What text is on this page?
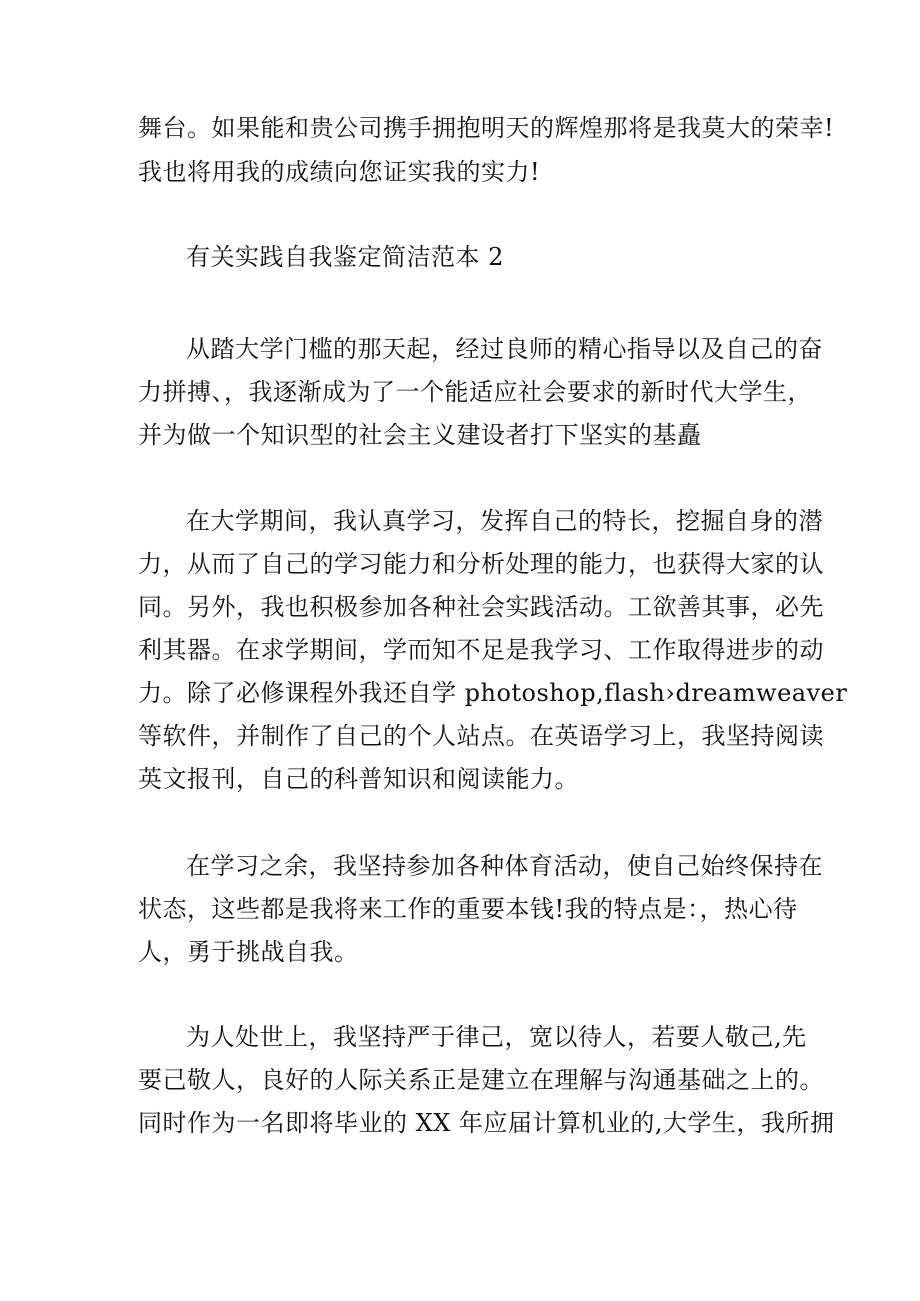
舞台。如果能和贵公司携手拥抱明天的辉煌那将是我莫大的荣幸!
我也将用我的成绩向您证实我的实力!
有关实践自我鉴定简洁范本 2
从踏大学门槛的那天起，经过良师的精心指导以及自己的奋
力拼搏、，我逐渐成为了一个能适应社会要求的新时代大学生，
并为做一个知识型的社会主义建设者打下坚实的基矗
在大学期间，我认真学习，发挥自己的特长，挖掘自身的潜
力，从而了自己的学习能力和分析处理的能力，也获得大家的认
同。另外，我也积极参加各种社会实践活动。工欲善其事，必先
利其器。在求学期间，学而知不足是我学习、工作取得进步的动
力。除了必修课程外我还自学 photoshop,flash›dreamweaver
等软件，并制作了自己的个人站点。在英语学习上，我坚持阅读
英文报刊，自己的科普知识和阅读能力。
在学习之余，我坚持参加各种体育活动，使自己始终保持在
状态，这些都是我将来工作的重要本钱!我的特点是：，热心待
人，勇于挑战自我。
为人处世上，我坚持严于律己，宽以待人，若要人敬己,先
要己敬人，良好的人际关系正是建立在理解与沟通基础之上的。
同时作为一名即将毕业的 XX 年应届计算机业的,大学生，我所拥
